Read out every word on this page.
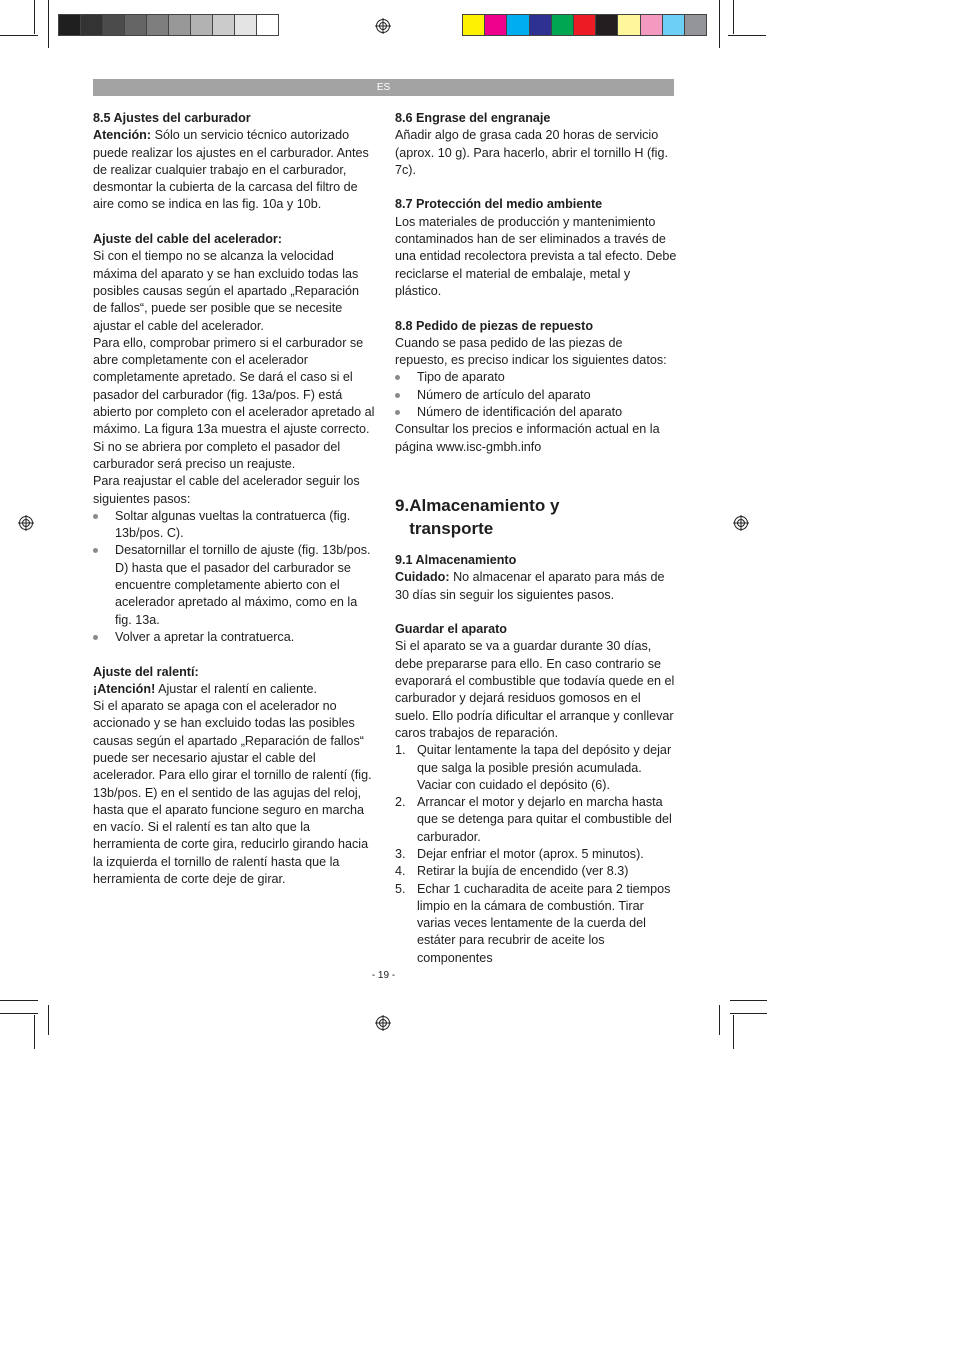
ES
8.5 Ajustes del carburador

Atención: Sólo un servicio técnico autorizado puede realizar los ajustes en el carburador. Antes de realizar cualquier trabajo en el carburador, desmontar la cubierta de la carcasa del filtro de aire como se indica en las fig. 10a y 10b.

Ajuste del cable del acelerador:

Si con el tiempo no se alcanza la velocidad máxima del aparato y se han excluido todas las posibles causas según el apartado „Reparación de fallos“, puede ser posible que se necesite ajustar el cable del acelerador.

Para ello, comprobar primero si el carburador se abre completamente con el acelerador completamente apretado. Se dará el caso si el pasador del carburador (fig. 13a/pos. F) está abierto por completo con el acelerador apretado al máximo. La figura 13a muestra el ajuste correcto. Si no se abriera por completo el pasador del carburador será preciso un reajuste.

Para reajustar el cable del acelerador seguir los siguientes pasos:

Soltar algunas vueltas la contratuerca (fig. 13b/pos. C).
Desatornillar el tornillo de ajuste (fig. 13b/pos. D) hasta que el pasador del carburador se encuentre completamente abierto con el acelerador apretado al máximo, como en la fig. 13a.
Volver a apretar la contratuerca.
Ajuste del ralentí:

¡Atención! Ajustar el ralentí en caliente.

Si el aparato se apaga con el acelerador no accionado y se han excluido todas las posibles causas según el apartado „Reparación de fallos“ puede ser necesario ajustar el cable del acelerador. Para ello girar el tornillo de ralentí (fig. 13b/pos. E) en el sentido de las agujas del reloj, hasta que el aparato funcione seguro en marcha en vacío. Si el ralentí es tan alto que la herramienta de corte gira, reducirlo girando hacia la izquierda el tornillo de ralentí hasta que la herramienta de corte deje de girar.

8.6 Engrase del engranaje

Añadir algo de grasa cada 20 horas de servicio (aprox. 10 g). Para hacerlo, abrir el tornillo H (fig. 7c).

8.7 Protección del medio ambiente

Los materiales de producción y mantenimiento contaminados han de ser eliminados a través de una entidad recolectora prevista a tal efecto. Debe reciclarse el material de embalaje, metal y plástico.

8.8 Pedido de piezas de repuesto

Cuando se pasa pedido de las piezas de repuesto, es preciso indicar los siguientes datos:

Tipo de aparato
Número de artículo del aparato
Número de identificación del aparato

Consultar los precios e información actual en la página www.isc-gmbh.info

9.Almacenamiento y transporte
9.1 Almacenamiento

Cuidado: No almacenar el aparato para más de 30 días sin seguir los siguientes pasos.

Guardar el aparato

Si el aparato se va a guardar durante 30 días, debe prepararse para ello. En caso contrario se evaporará el combustible que todavía quede en el carburador y dejará residuos gomosos en el suelo. Ello podría dificultar el arranque y conllevar caros trabajos de reparación.

1. Quitar lentamente la tapa del depósito y dejar que salga la posible presión acumulada. Vaciar con cuidado el depósito (6).
2. Arrancar el motor y dejarlo en marcha hasta que se detenga para quitar el combustible del carburador.
3. Dejar enfriar el motor (aprox. 5 minutos).
4. Retirar la bujía de encendido (ver 8.3)
5. Echar 1 cucharadita de aceite para 2 tiempos limpio en la cámara de combustión. Tirar varias veces lentamente de la cuerda del estáter para recubrir de aceite los componentes
- 19 -
